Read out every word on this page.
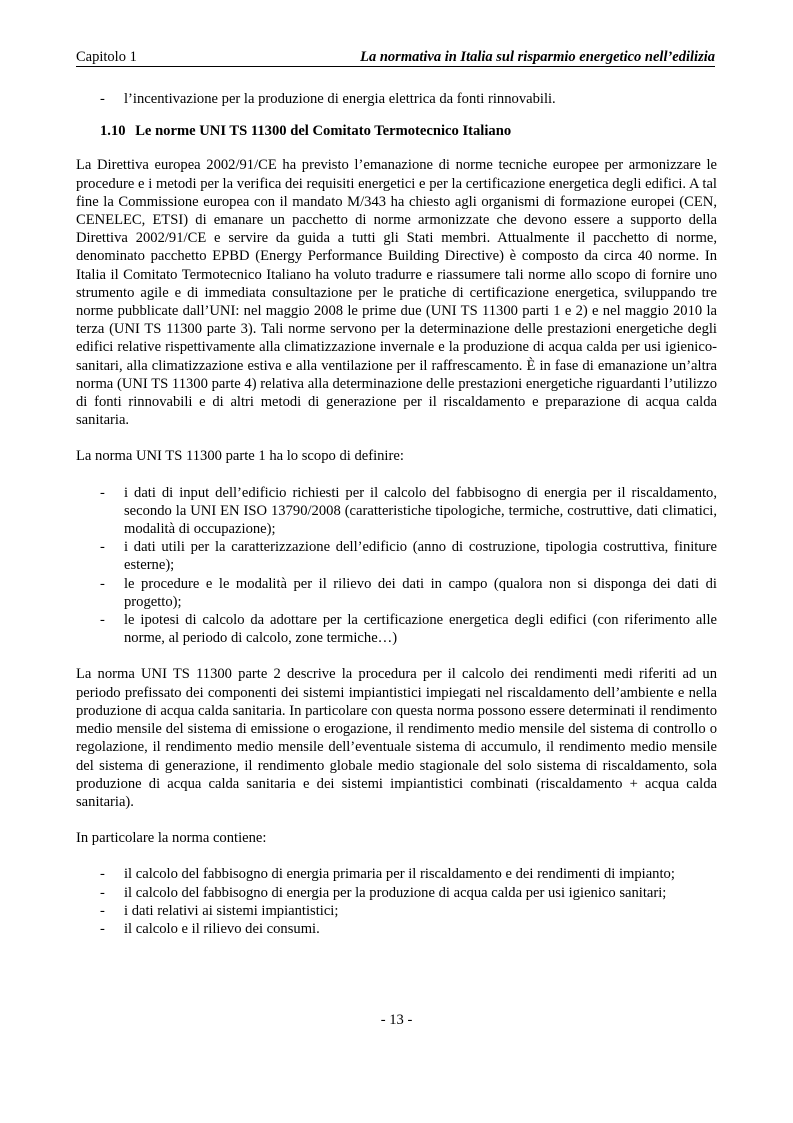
Capitolo 1	La normativa in Italia sul risparmio energetico nell’edilizia
- l’incentivazione per la produzione di energia elettrica da fonti rinnovabili.

1.10 Le norme UNI TS 11300 del Comitato Termotecnico Italiano

La Direttiva europea 2002/91/CE ha previsto l’emanazione di norme tecniche europee per armonizzare le procedure e i metodi per la verifica dei requisiti energetici e per la certificazione energetica degli edifici. A tal fine la Commissione europea con il mandato M/343 ha chiesto agli organismi di formazione europei (CEN, CENELEC, ETSI) di emanare un pacchetto di norme armonizzate che devono essere a supporto della Direttiva 2002/91/CE e servire da guida a tutti gli Stati membri. Attualmente il pacchetto di norme, denominato pacchetto EPBD (Energy Performance Building Directive) è composto da circa 40 norme. In Italia il Comitato Termotecnico Italiano ha voluto tradurre e riassumere tali norme allo scopo di fornire uno strumento agile e di immediata consultazione per le pratiche di certificazione energetica, sviluppando tre norme pubblicate dall’UNI: nel maggio 2008 le prime due (UNI TS 11300 parti 1 e 2) e nel maggio 2010 la terza (UNI TS 11300 parte 3). Tali norme servono per la determinazione delle prestazioni energetiche degli edifici relative rispettivamente alla climatizzazione invernale e la produzione di acqua calda per usi igienico-sanitari, alla climatizzazione estiva e alla ventilazione per il raffrescamento. È in fase di emanazione un’altra norma (UNI TS 11300 parte 4) relativa alla determinazione delle prestazioni energetiche riguardanti l’utilizzo di fonti rinnovabili e di altri metodi di generazione per il riscaldamento e preparazione di acqua calda sanitaria.

La norma UNI TS 11300 parte 1 ha lo scopo di definire:

- i dati di input dell’edificio richiesti per il calcolo del fabbisogno di energia per il riscaldamento, secondo la UNI EN ISO 13790/2008 (caratteristiche tipologiche, termiche, costruttive, dati climatici, modalità di occupazione);
- i dati utili per la caratterizzazione dell’edificio (anno di costruzione, tipologia costruttiva, finiture esterne);
- le procedure e le modalità per il rilievo dei dati in campo (qualora non si disponga dei dati di progetto);
- le ipotesi di calcolo da adottare per la certificazione energetica degli edifici (con riferimento alle norme, al periodo di calcolo, zone termiche…)

La norma UNI TS 11300 parte 2 descrive la procedura per il calcolo dei rendimenti medi riferiti ad un periodo prefissato dei componenti dei sistemi impiantistici impiegati nel riscaldamento dell’ambiente e nella produzione di acqua calda sanitaria. In particolare con questa norma possono essere determinati il rendimento medio mensile del sistema di emissione o erogazione, il rendimento medio mensile del sistema di controllo o regolazione, il rendimento medio mensile dell’eventuale sistema di accumulo, il rendimento medio mensile del sistema di generazione, il rendimento globale medio stagionale del solo sistema di riscaldamento, sola produzione di acqua calda sanitaria e dei sistemi impiantistici combinati (riscaldamento + acqua calda sanitaria).

In particolare la norma contiene:

- il calcolo del fabbisogno di energia primaria per il riscaldamento e dei rendimenti di impianto;
- il calcolo del fabbisogno di energia per la produzione di acqua calda per usi igienico sanitari;
- i dati relativi ai sistemi impiantistici;
- il calcolo e il rilievo dei consumi.
- 13 -
